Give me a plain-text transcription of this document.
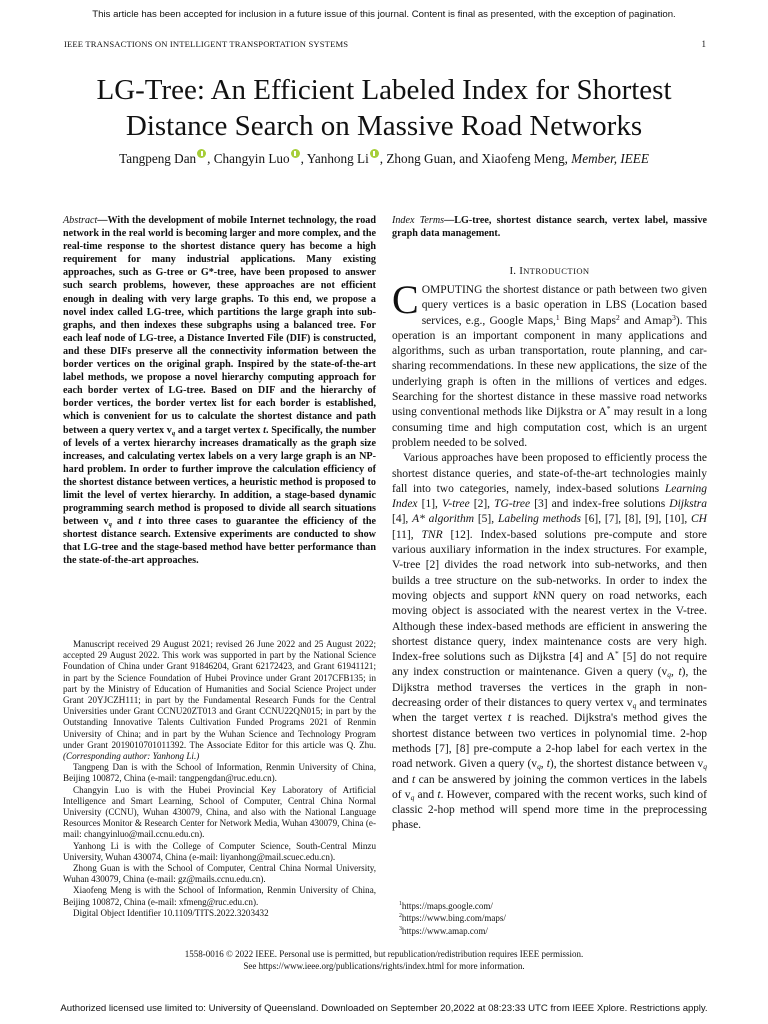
This article has been accepted for inclusion in a future issue of this journal. Content is final as presented, with the exception of pagination.
IEEE TRANSACTIONS ON INTELLIGENT TRANSPORTATION SYSTEMS	1
LG-Tree: An Efficient Labeled Index for Shortest
Distance Search on Massive Road Networks
Tangpeng Dan , Changyin Luo , Yanhong Li , Zhong Guan, and Xiaofeng Meng, Member, IEEE
Abstract—With the development of mobile Internet technology, the road network in the real world is becoming larger and more complex, and the real-time response to the shortest distance query has become a high requirement for many industrial applications. Many existing approaches, such as G-tree or G*-tree, have been proposed to answer such search problems, however, these approaches are not efficient enough in dealing with very large graphs. To this end, we propose a novel index called LG-tree, which partitions the large graph into sub-graphs, and then indexes these subgraphs using a balanced tree. For each leaf node of LG-tree, a Distance Inverted File (DIF) is constructed, and these DIFs preserve all the connectivity information between the border vertices on the original graph. Inspired by the state-of-the-art label methods, we propose a novel hierarchy computing approach for each border vertex of LG-tree. Based on DIF and the hierarchy of border vertices, the border vertex list for each border is established, which is convenient for us to calculate the shortest distance and path between a query vertex $v_q$ and a target vertex t. Specifically, the number of levels of a vertex hierarchy increases dramatically as the graph size increases, and calculating vertex labels on a very large graph is an NP-hard problem. In order to further improve the calculation efficiency of the shortest distance between vertices, a heuristic method is proposed to limit the level of vertex hierarchy. In addition, a stage-based dynamic programming search method is proposed to divide all search situations between $v_q$ and t into three cases to guarantee the efficiency of the shortest distance search. Extensive experiments are conducted to show that LG-tree and the stage-based method have better performance than the state-of-the-art approaches.
Index Terms—LG-tree, shortest distance search, vertex label, massive graph data management.
I. INTRODUCTION

COMPUTING the shortest distance or path between two given query vertices is a basic operation in LBS (Location based services, e.g., Google Maps,$^1$ Bing Maps$^2$ and Amap$^3$). This operation is an important component in many applications and algorithms, such as urban transportation, route planning, and car-sharing recommendations. In these new applications, the size of the underlying graph is often in the millions of vertices and edges. Searching for the shortest distance in these massive road networks using conventional methods like Dijkstra or A* may result in a long consuming time and high computation cost, which is an urgent problem needed to be solved.

Various approaches have been proposed to efficiently process the shortest distance queries, and state-of-the-art technologies mainly fall into two categories, namely, index-based solutions Learning Index [1], V-tree [2], TG-tree [3] and index-free solutions Dijkstra [4], A* algorithm [5], Labeling methods [6], [7], [8], [9], [10], CH [11], TNR [12]. Index-based solutions pre-compute and store various auxiliary information in the index structures. For example, V-tree [2] divides the road network into sub-networks, and then builds a tree structure on the sub-networks. In order to index the moving objects and support kNN query on road networks, each moving object is associated with the nearest vertex in the V-tree. Although these index-based methods are efficient in answering the shortest distance query, index maintenance costs are very high. Index-free solutions such as Dijkstra [4] and A* [5] do not require any index construction or maintenance. Given a query ($v_q$, t), the Dijkstra method traverses the vertices in the graph in non-decreasing order of their distances to query vertex $v_q$ and terminates when the target vertex t is reached. Dijkstra's method gives the shortest distance between two vertices in polynomial time. 2-hop methods [7], [8] pre-compute a 2-hop label for each vertex in the road network. Given a query ($v_q$, t), the shortest distance between $v_q$ and t can be answered by joining the common vertices in the labels of $v_q$ and t. However, compared with the recent works, such kind of classic 2-hop method will spend more time in the preprocessing phase.

Manuscript received 29 August 2021; revised 26 June 2022 and 25 August 2022; accepted 29 August 2022. This work was supported in part by the National Science Foundation of China under Grant 91846204, Grant 62172423, and Grant 61941121; in part by the Science Foundation of Hubei Province under Grant 2017CFB135; in part by the Ministry of Education of Humanities and Social Science Project under Grant 20YJCZH111; in part by the Fundamental Research Funds for the Central Universities under Grant CCNU20ZT013 and Grant CCNU22QN015; in part by the Outstanding Innovative Talents Cultivation Funded Programs 2021 of Renmin University of China; and in part by the Wuhan Science and Technology Program under Grant 2019010701011392. The Associate Editor for this article was Q. Zhu. (Corresponding author: Yanhong Li.)

Tangpeng Dan is with the School of Information, Renmin University of China, Beijing 100872, China (e-mail: tangpengdan@ruc.edu.cn).

Changyin Luo is with the Hubei Provincial Key Laboratory of Artificial Intelligence and Smart Learning, School of Computer, Central China Normal University (CCNU), Wuhan 430079, China, and also with the National Language Resources Monitor & Research Center for Network Media, Wuhan 430079, China (e-mail: changyinluo@mail.ccnu.edu.cn).

Yanhong Li is with the College of Computer Science, South-Central Minzu University, Wuhan 430074, China (e-mail: liyanhong@mail.scuec.edu.cn).

Zhong Guan is with the School of Computer, Central China Normal University, Wuhan 430079, China (e-mail: gz@mails.ccnu.edu.cn).

Xiaofeng Meng is with the School of Information, Renmin University of China, Beijing 100872, China (e-mail: xfmeng@ruc.edu.cn).

Digital Object Identifier 10.1109/TITS.2022.3203432

$^1$https://maps.google.com/
$^2$https://www.bing.com/maps/
$^3$https://www.amap.com/
1558-0016 © 2022 IEEE. Personal use is permitted, but republication/redistribution requires IEEE permission.
See https://www.ieee.org/publications/rights/index.html for more information.
Authorized licensed use limited to: University of Queensland. Downloaded on September 20,2022 at 08:23:33 UTC from IEEE Xplore. Restrictions apply.
